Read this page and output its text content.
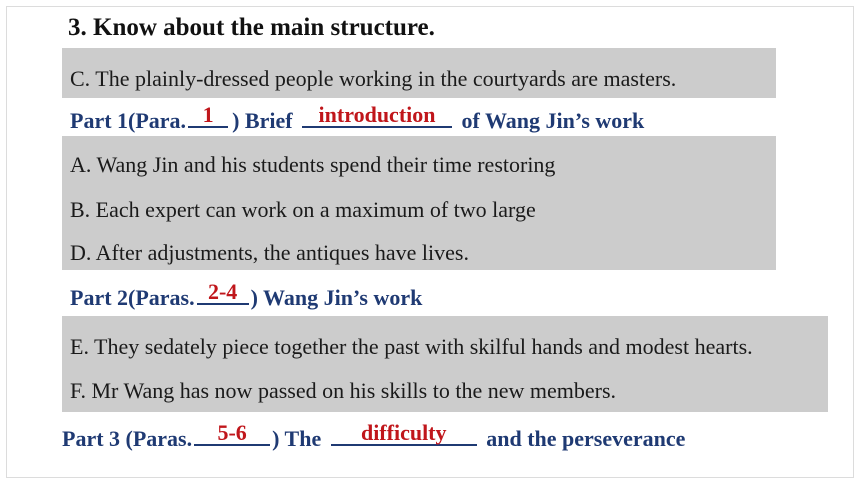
3. Know about the main structure.
C. The plainly-dressed people working in the courtyards are masters.
Part 1(Para. 1 ) Brief	introduction	of Wang Jin’s work
A. Wang Jin and his students spend their time restoring
B. Each expert can work on a maximum of two large
D. After adjustments, the antiques have lives.
Part 2(Paras. 2-4 ) Wang Jin’s work
E. They sedately piece together the past with skilful hands and modest hearts.
F. Mr Wang has now passed on his skills to the new members.
Part 3 (Paras.	5-6	) The	difficulty	and the perseverance
